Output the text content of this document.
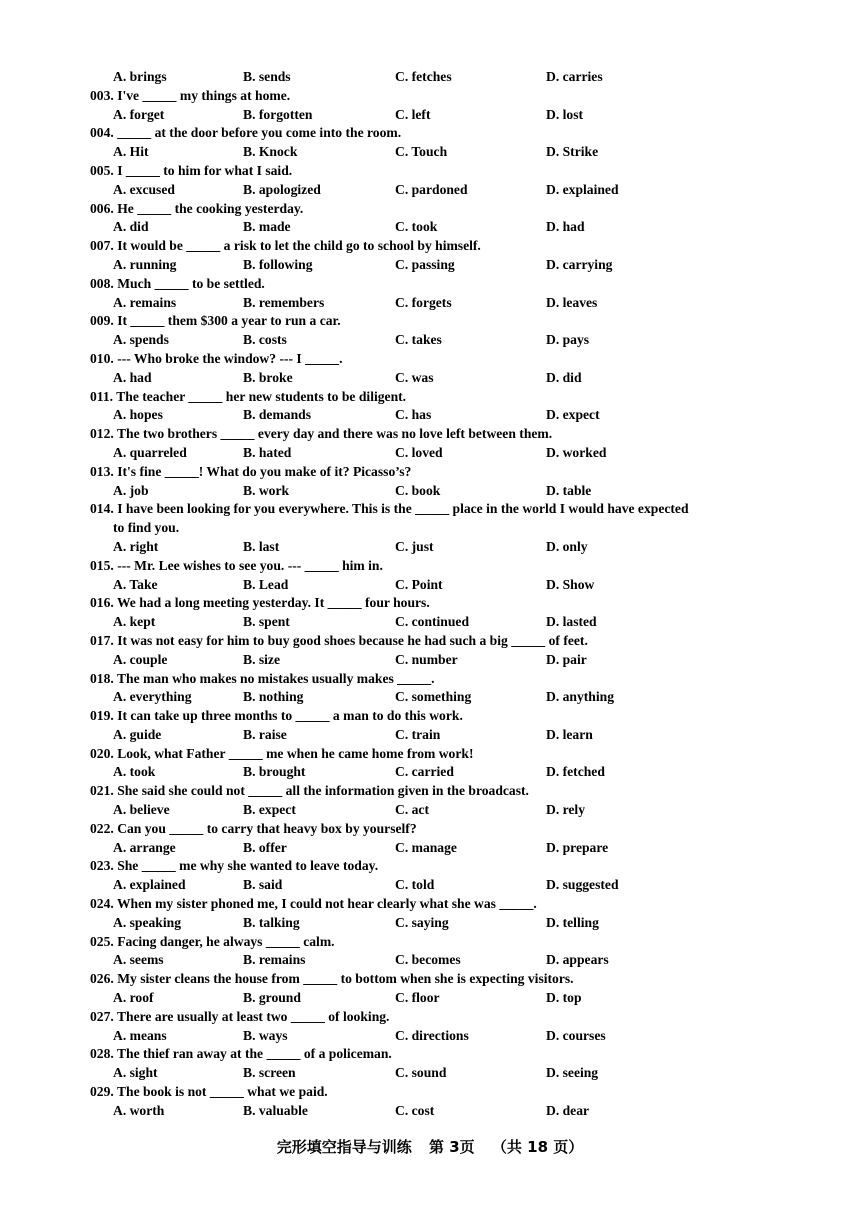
A. brings	B. sends	C. fetches	D. carries
003. I've _____ my things at home.
A. forget	B. forgotten	C. left	D. lost
004. _____ at the door before you come into the room.
A. Hit	B. Knock	C. Touch	D. Strike
005. I _____ to him for what I said.
A. excused	B. apologized	C. pardoned	D. explained
006. He _____ the cooking yesterday.
A. did	B. made	C. took	D. had
007. It would be _____ a risk to let the child go to school by himself.
A. running	B. following	C. passing	D. carrying
008. Much _____ to be settled.
A. remains	B. remembers	C. forgets	D. leaves
009. It _____ them $300 a year to run a car.
A. spends	B. costs	C. takes	D. pays
010. --- Who broke the window? --- I _____.
A. had	B. broke	C. was	D. did
011. The teacher _____ her new students to be diligent.
A. hopes	B. demands	C. has	D. expect
012. The two brothers _____ every day and there was no love left between them.
A. quarreled	B. hated	C. loved	D. worked
013. It's fine _____! What do you make of it? Picasso’s?
A. job	B. work	C. book	D. table
014. I have been looking for you everywhere. This is the _____ place in the world I would have expected
to find you.
A. right	B. last	C. just	D. only
015. --- Mr. Lee wishes to see you. --- _____ him in.
A. Take	B. Lead	C. Point	D. Show
016. We had a long meeting yesterday. It _____ four hours.
A. kept	B. spent	C. continued	D. lasted
017. It was not easy for him to buy good shoes because he had such a big _____ of feet.
A. couple	B. size	C. number	D. pair
018. The man who makes no mistakes usually makes _____.
A. everything	B. nothing	C. something	D. anything
019. It can take up three months to _____ a man to do this work.
A. guide	B. raise	C. train	D. learn
020. Look, what Father _____ me when he came home from work!
A. took	B. brought	C. carried	D. fetched
021. She said she could not _____ all the information given in the broadcast.
A. believe	B. expect	C. act	D. rely
022. Can you _____ to carry that heavy box by yourself?
A. arrange	B. offer	C. manage	D. prepare
023. She _____ me why she wanted to leave today.
A. explained	B. said	C. told	D. suggested
024. When my sister phoned me, I could not hear clearly what she was _____.
A. speaking	B. talking	C. saying	D. telling
025. Facing danger, he always _____ calm.
A. seems	B. remains	C. becomes	D. appears
026. My sister cleans the house from _____ to bottom when she is expecting visitors.
A. roof	B. ground	C. floor	D. top
027. There are usually at least two _____ of looking.
A. means	B. ways	C. directions	D. courses
028. The thief ran away at the _____ of a policeman.
A. sight	B. screen	C. sound	D. seeing
029. The book is not _____ what we paid.
A. worth	B. valuable	C. cost	D. dear
完形填空指导与训练 第 3页 （共 18 页）
